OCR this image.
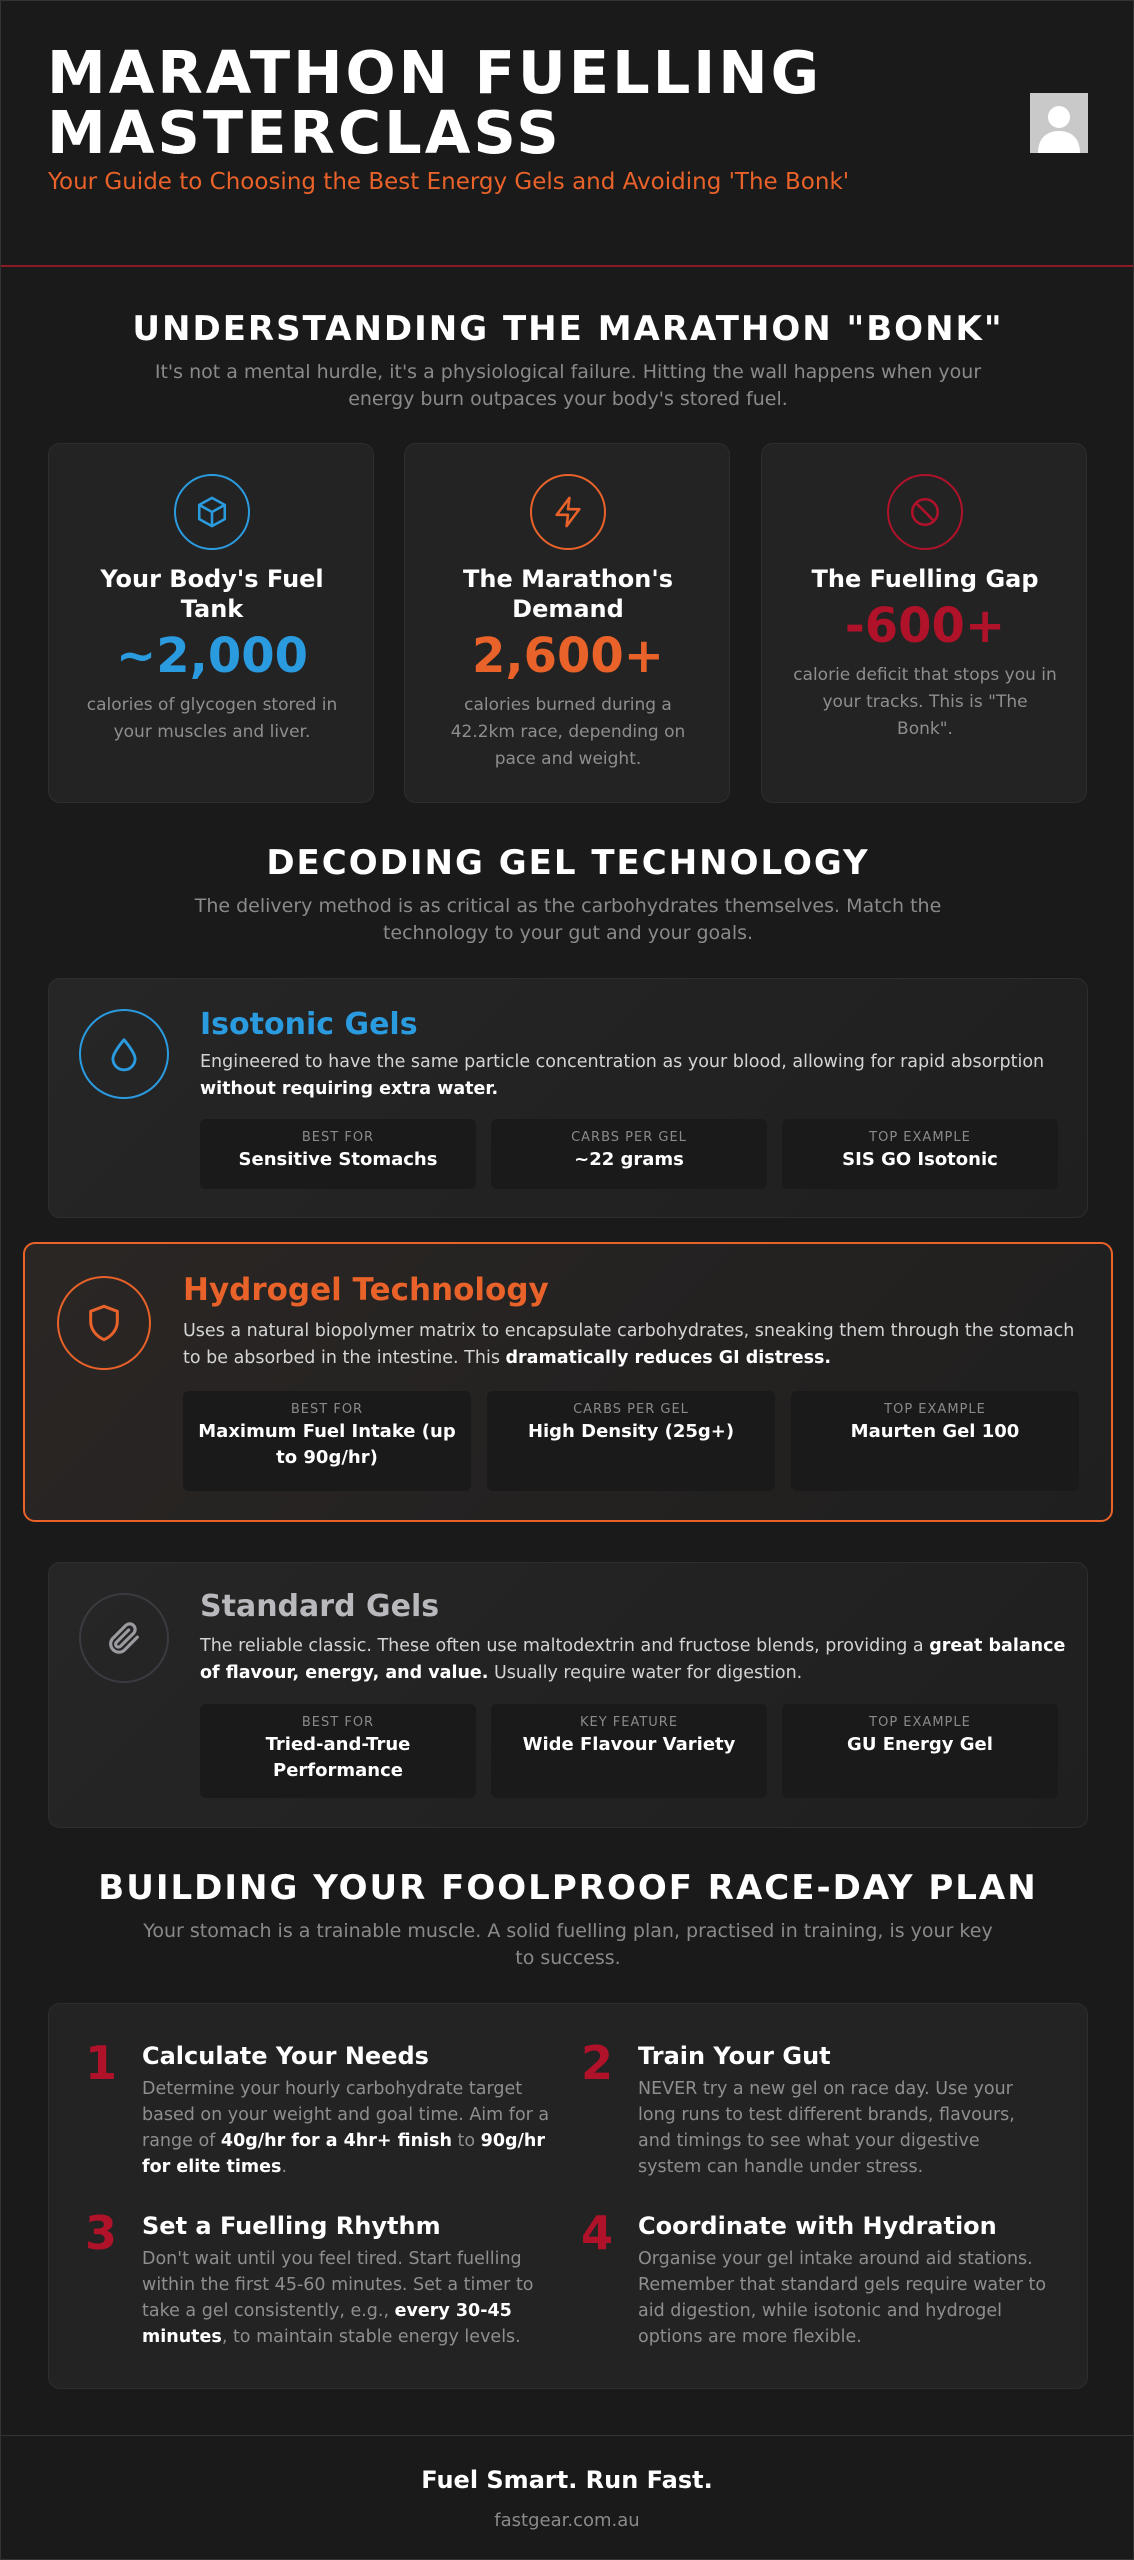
MARATHON FUELLING
MASTERCLASS
Your Guide to Choosing the Best Energy Gels and Avoiding 'The Bonk'
UNDERSTANDING THE MARATHON "BONK"
It's not a mental hurdle, it's a physiological failure. Hitting the wall happens when your energy burn outpaces your body's stored fuel.
Your Body's Fuel Tank
~2,000
calories of glycogen stored in your muscles and liver.
The Marathon's Demand
2,600+
calories burned during a 42.2km race, depending on pace and weight.
The Fuelling Gap
-600+
calorie deficit that stops you in your tracks. This is "The Bonk".
DECODING GEL TECHNOLOGY
The delivery method is as critical as the carbohydrates themselves. Match the technology to your gut and your goals.
Isotonic Gels
Engineered to have the same particle concentration as your blood, allowing for rapid absorption without requiring extra water.
BEST FOR
Sensitive Stomachs
CARBS PER GEL
~22 grams
TOP EXAMPLE
SIS GO Isotonic
Hydrogel Technology
Uses a natural biopolymer matrix to encapsulate carbohydrates, sneaking them through the stomach to be absorbed in the intestine. This dramatically reduces GI distress.
BEST FOR
Maximum Fuel Intake (up to 90g/hr)
CARBS PER GEL
High Density (25g+)
TOP EXAMPLE
Maurten Gel 100
Standard Gels
The reliable classic. These often use maltodextrin and fructose blends, providing a great balance of flavour, energy, and value. Usually require water for digestion.
BEST FOR
Tried-and-True Performance
KEY FEATURE
Wide Flavour Variety
TOP EXAMPLE
GU Energy Gel
BUILDING YOUR FOOLPROOF RACE-DAY PLAN
Your stomach is a trainable muscle. A solid fuelling plan, practised in training, is your key to success.
1 Calculate Your Needs
Determine your hourly carbohydrate target based on your weight and goal time. Aim for a range of 40g/hr for a 4hr+ finish to 90g/hr for elite times.
2 Train Your Gut
NEVER try a new gel on race day. Use your long runs to test different brands, flavours, and timings to see what your digestive system can handle under stress.
3 Set a Fuelling Rhythm
Don't wait until you feel tired. Start fuelling within the first 45-60 minutes. Set a timer to take a gel consistently, e.g., every 30-45 minutes, to maintain stable energy levels.
4 Coordinate with Hydration
Organise your gel intake around aid stations. Remember that standard gels require water to aid digestion, while isotonic and hydrogel options are more flexible.
Fuel Smart. Run Fast.
fastgear.com.au
